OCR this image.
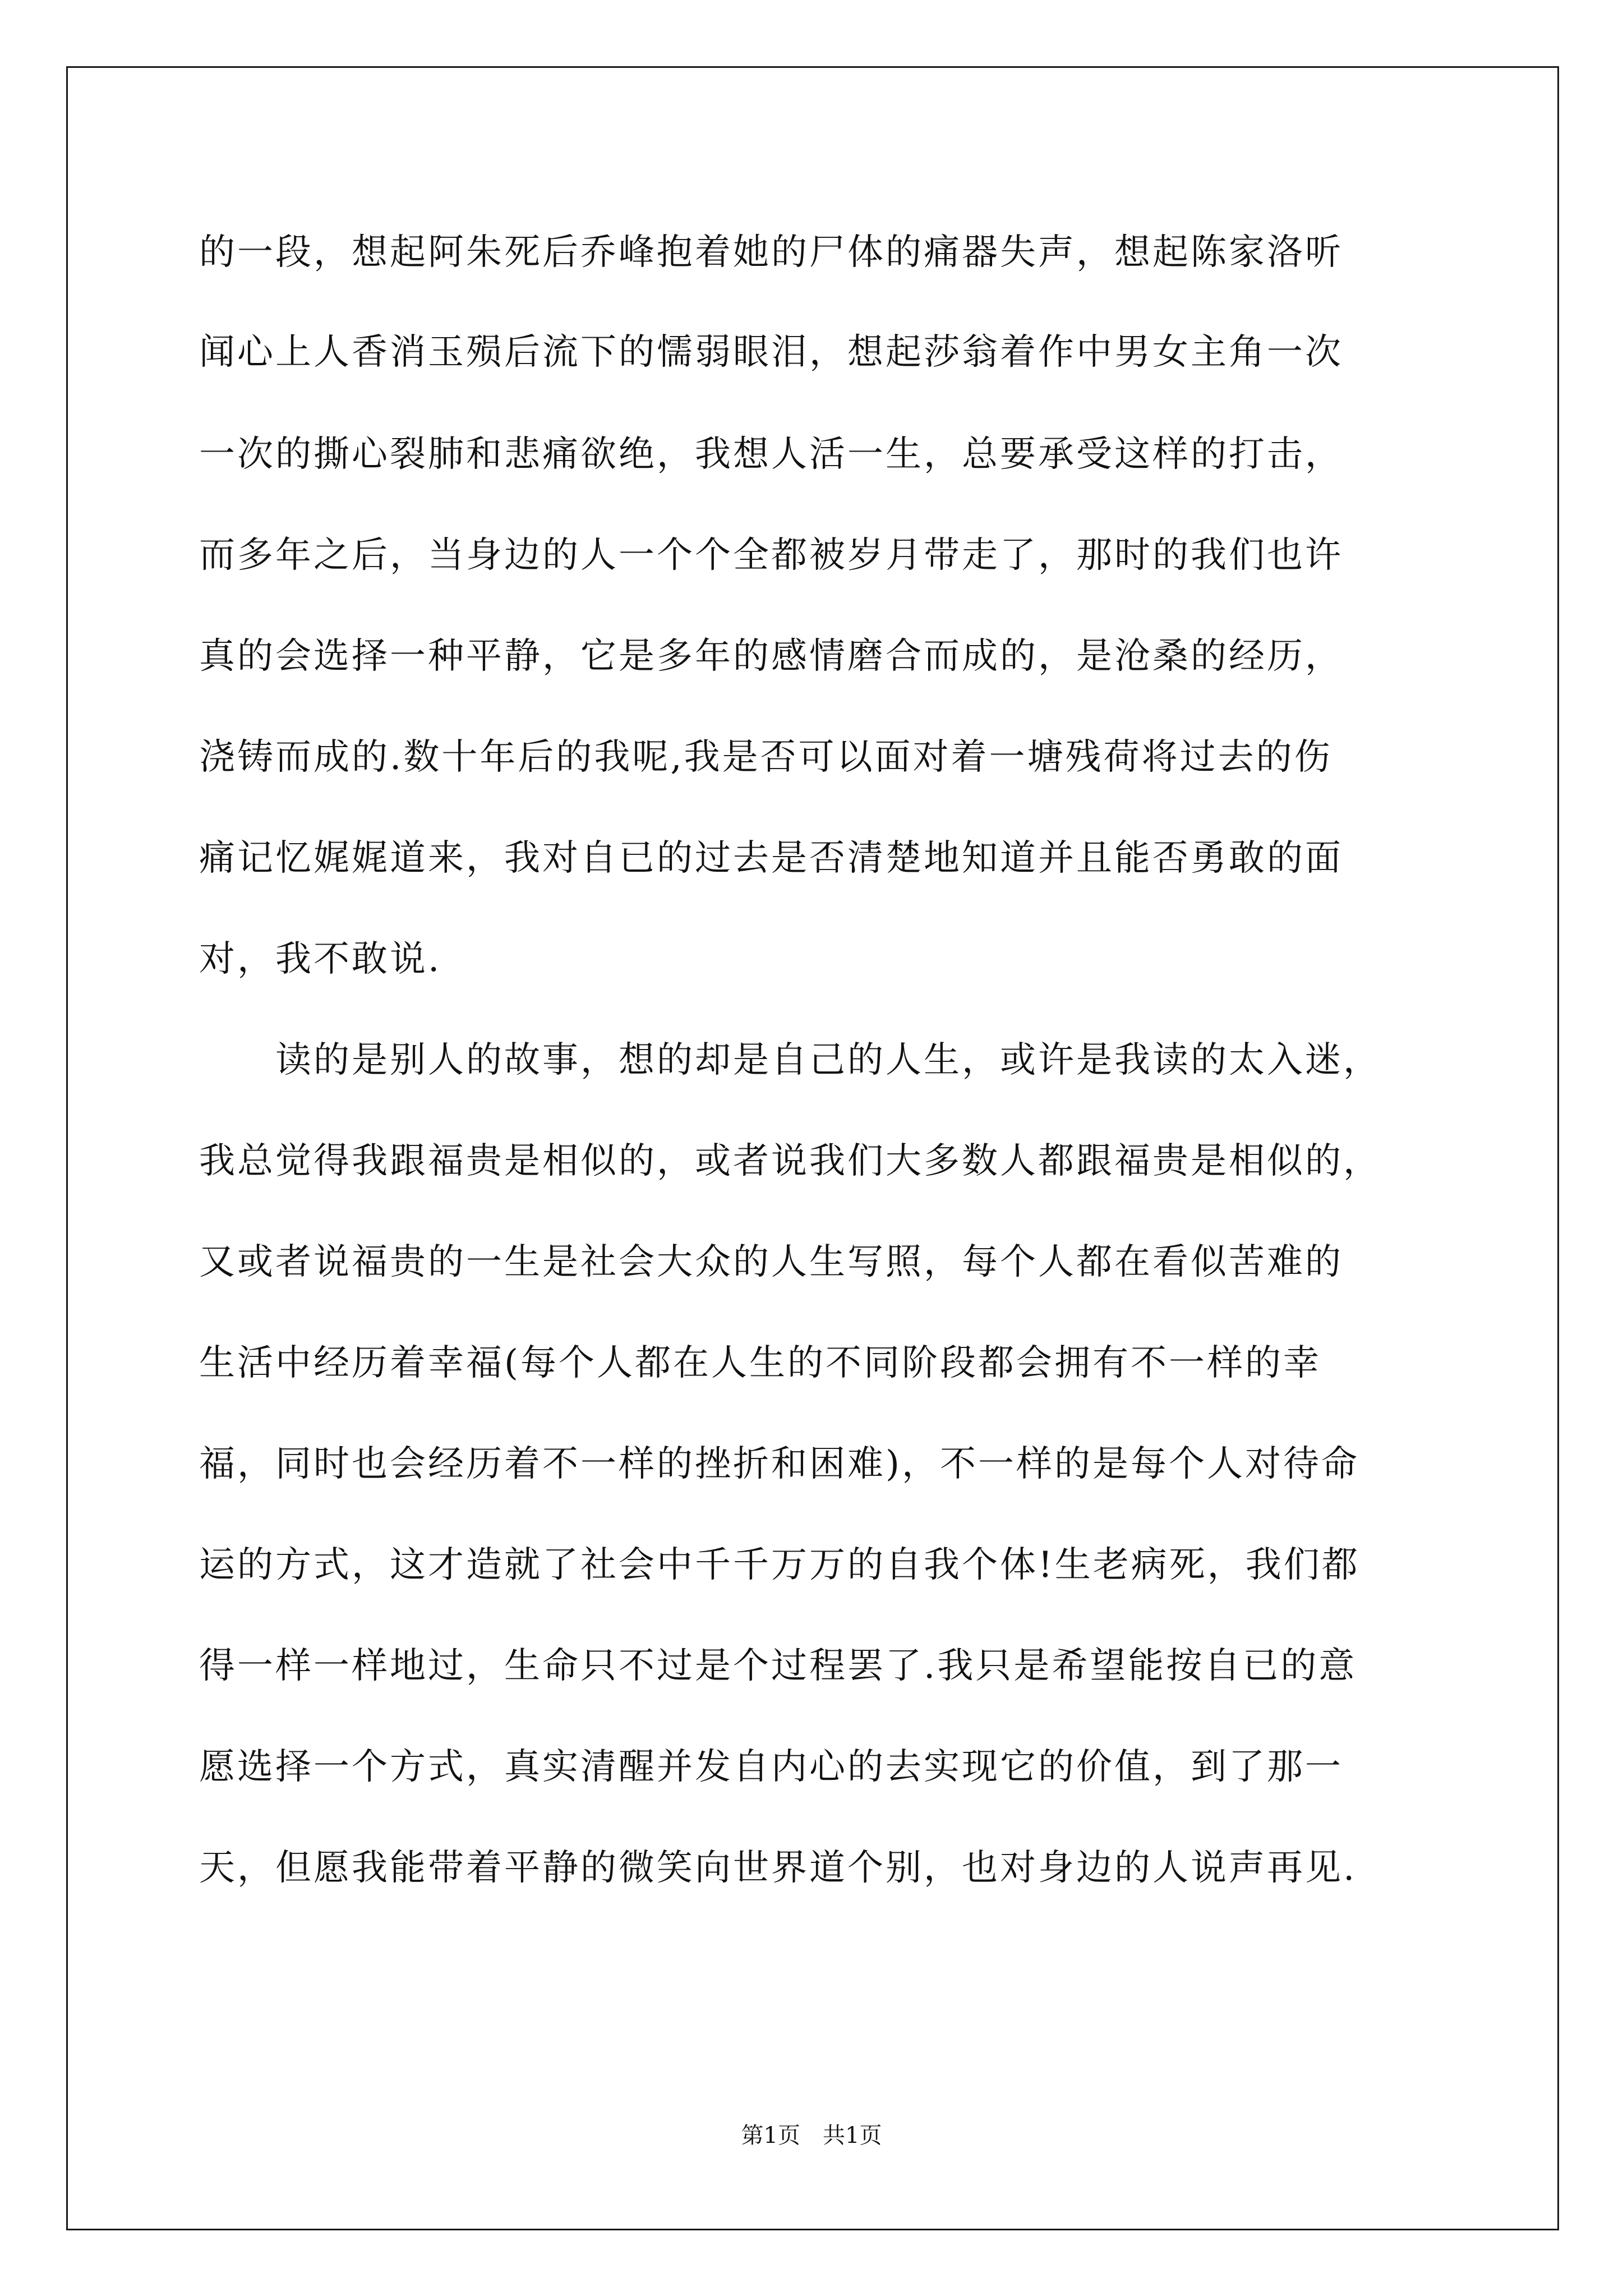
的一段，想起阿朱死后乔峰抱着她的尸体的痛器失声，想起陈家洛听
闻心上人香消玉殒后流下的懦弱眼泪，想起莎翁着作中男女主角一次
一次的撕心裂肺和悲痛欲绝，我想人活一生，总要承受这样的打击，
而多年之后，当身边的人一个个全都被岁月带走了，那时的我们也许
真的会选择一种平静，它是多年的感情磨合而成的，是沧桑的经历，
浇铸而成的.数十年后的我呢,我是否可以面对着一塘残荷将过去的伤
痛记忆娓娓道来，我对自已的过去是否清楚地知道并且能否勇敢的面
对，我不敢说.
　　读的是别人的故事，想的却是自己的人生，或许是我读的太入迷，
我总觉得我跟福贵是相似的，或者说我们大多数人都跟福贵是相似的，
又或者说福贵的一生是社会大众的人生写照，每个人都在看似苦难的
生活中经历着幸福(每个人都在人生的不同阶段都会拥有不一样的幸
福，同时也会经历着不一样的挫折和困难)，不一样的是每个人对待命
运的方式，这才造就了社会中千千万万的自我个体!生老病死，我们都
得一样一样地过，生命只不过是个过程罢了.我只是希望能按自已的意
愿选择一个方式，真实清醒并发自内心的去实现它的价值，到了那一
天，但愿我能带着平静的微笑向世界道个别，也对身边的人说声再见.
第1页　共1页
